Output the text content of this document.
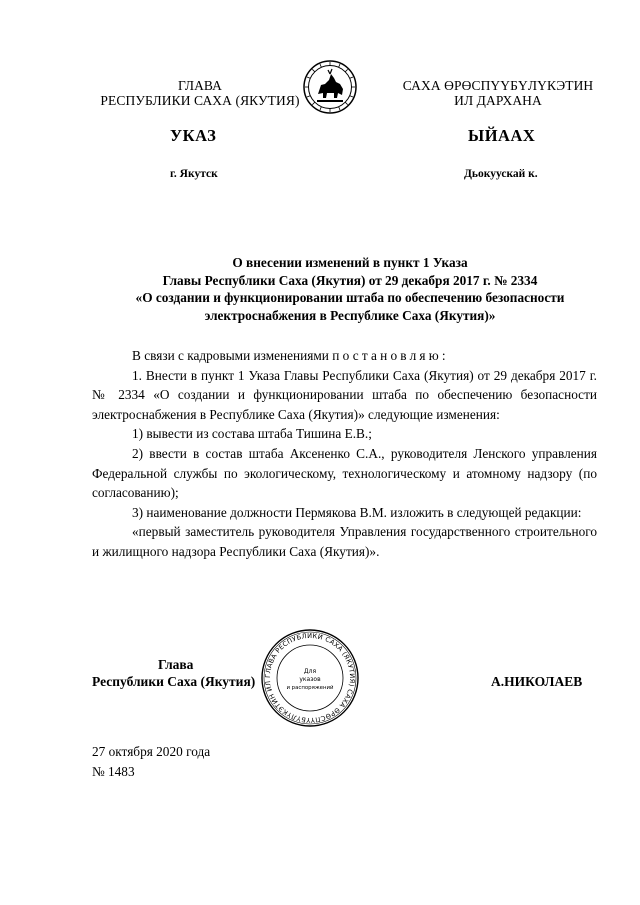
ГЛАВА
РЕСПУБЛИКИ САХА (ЯКУТИЯ)
САХА ӨРӨСПҮҮБҮЛҮКЭТИН
ИЛ ДАРХАНА
УКАЗ	ЫЙААХ
г. Якутск	Дьокуускай к.
О внесении изменений в пункт 1 Указа
Главы Республики Саха (Якутия) от 29 декабря 2017 г. № 2334
«О создании и функционировании штаба по обеспечению безопасности
электроснабжения в Республике Саха (Якутия)»

В связи с кадровыми изменениями постановляю:

1. Внести в пункт 1 Указа Главы Республики Саха (Якутия) от 29 декабря 2017 г. № 2334 «О создании и функционировании штаба по обеспечению безопасности электроснабжения в Республике Саха (Якутия)» следующие изменения:

1) вывести из состава штаба Тишина Е.В.;

2) ввести в состав штаба Аксененко С.А., руководителя Ленского управления Федеральной службы по экологическому, технологическому и атомному надзору (по согласованию);

3) наименование должности Пермякова В.М. изложить в следующей редакции:

«первый заместитель руководителя Управления государственного строительного и жилищного надзора Республики Саха (Якутия)».

ГЛАВА РЕСПУБЛИКИ САХА (ЯКУТИЯ) САХА ӨРӨСПҮҮБҮЛҮКЭТИН ИЛ
Для
указов
и распоряжений
Глава
Республики Саха (Якутия)	А.НИКОЛАЕВ
27 октября 2020 года
№ 1483
